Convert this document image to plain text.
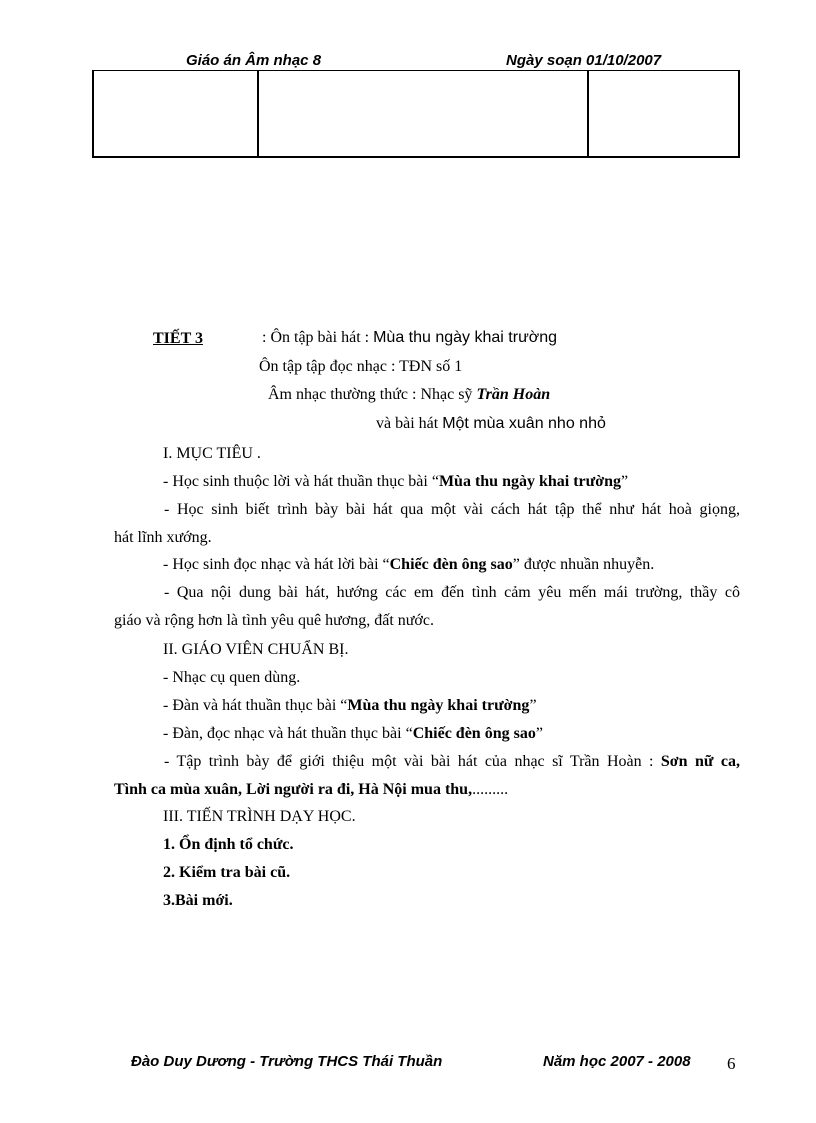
Giáo án Âm nhạc 8	Ngày soạn 01/10/2007
TIẾT 3	: Ôn tập bài hát : Mùa thu ngày khai trường
Ôn tập tập đọc nhạc : TĐN số 1
Âm nhạc thường thức : Nhạc sỹ Trần Hoàn
và bài hát Một mùa xuân nho nhỏ
I. MỤC TIÊU .
- Học sinh thuộc lời và hát thuần thục bài “Mùa thu ngày khai trường”
- Học sinh biết trình bày bài hát qua một vài cách hát tập thể như hát hoà giọng,
hát lĩnh xướng.
- Học sinh đọc nhạc và hát lời bài “Chiếc đèn ông sao” được nhuần nhuyễn.
- Qua nội dung bài hát, hướng các em đến tình cảm yêu mến mái trường, thầy cô
giáo và rộng hơn là tình yêu quê hương, đất nước.
II. GIÁO VIÊN CHUẨN BỊ.
- Nhạc cụ quen dùng.
- Đàn và hát thuần thục bài “Mùa thu ngày khai trường”
- Đàn, đọc nhạc và hát thuần thục bài “Chiếc đèn ông sao”
- Tập trình bày để giới thiệu một vài bài hát của nhạc sĩ Trần Hoàn : Sơn nữ ca,
Tình ca mùa xuân, Lời người ra đi, Hà Nội mua thu,.........
III. TIẾN TRÌNH DẠY HỌC.
1. Ổn định tổ chức.
2. Kiểm tra bài cũ.
3.Bài mới.
Đào Duy Dương - Trường THCS Thái Thuần	Năm học 2007 - 2008 6
